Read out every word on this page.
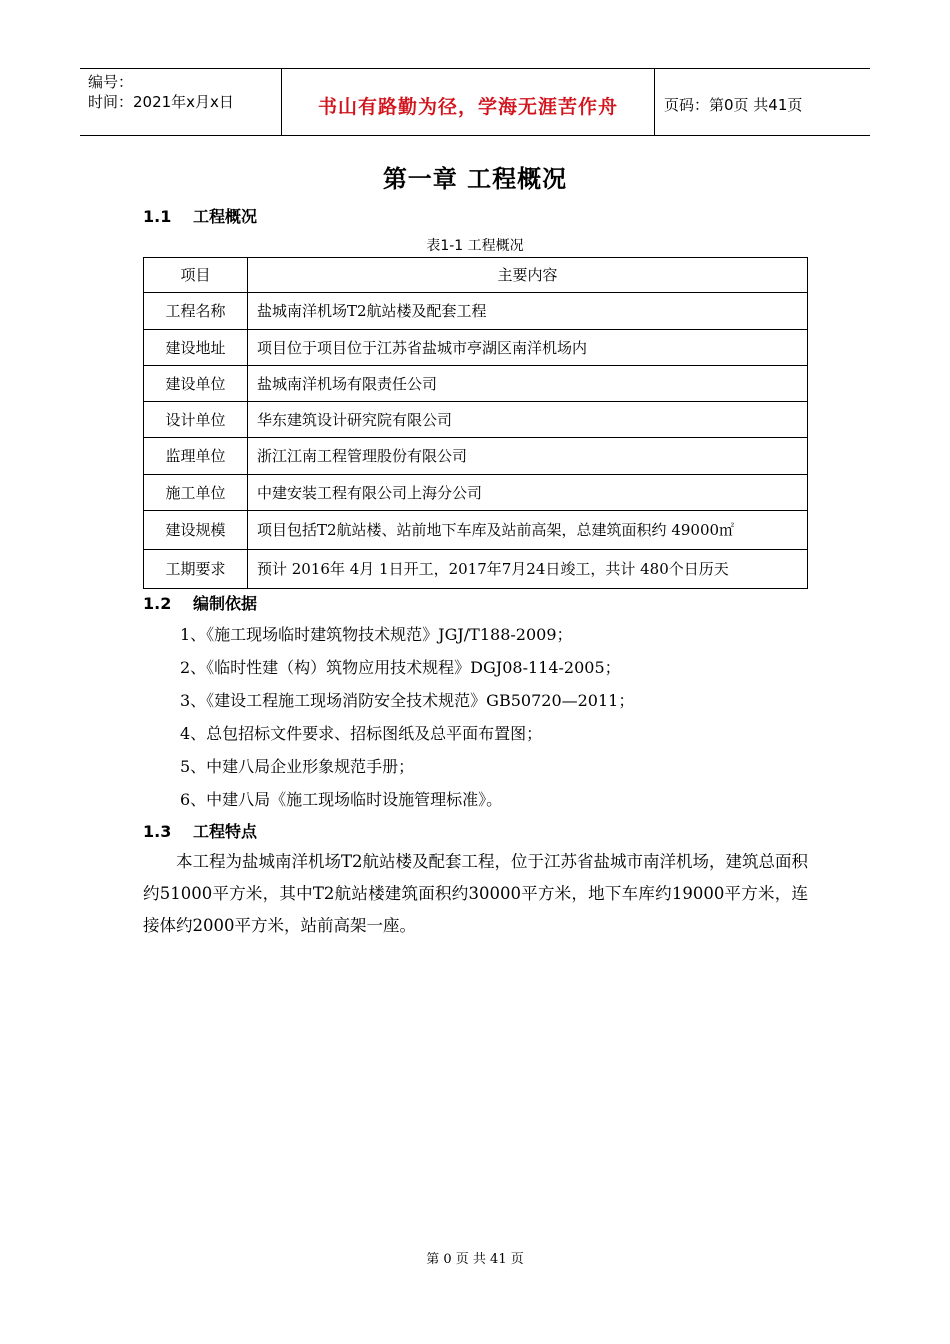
编号：
时间：2021年x月x日	书山有路勤为径，学海无涯苦作舟	页码：第0页 共41页
第一章 工程概况
1.1 工程概况
表1-1 工程概况
项目	主要内容
工程名称	盐城南洋机场T2航站楼及配套工程
建设地址	项目位于项目位于江苏省盐城市亭湖区南洋机场内
建设单位	盐城南洋机场有限责任公司
设计单位	华东建筑设计研究院有限公司
监理单位	浙江江南工程管理股份有限公司
施工单位	中建安装工程有限公司上海分公司
建设规模	项目包括T2航站楼、站前地下车库及站前高架，总建筑面积约 49000㎡
工期要求	预计 2016年 4月 1日开工，2017年7月24日竣工，共计 480个日历天
1.2 编制依据
1、《施工现场临时建筑物技术规范》JGJ/T188-2009；
2、《临时性建（构）筑物应用技术规程》DGJ08-114-2005；
3、《建设工程施工现场消防安全技术规范》GB50720—2011；
4、总包招标文件要求、招标图纸及总平面布置图；
5、中建八局企业形象规范手册；
6、中建八局《施工现场临时设施管理标准》。
1.3 工程特点
本工程为盐城南洋机场T2航站楼及配套工程，位于江苏省盐城市南洋机场，建筑总面积约51000平方米，其中T2航站楼建筑面积约30000平方米，地下车库约19000平方米，连接体约2000平方米，站前高架一座。
第 0 页 共 41 页
